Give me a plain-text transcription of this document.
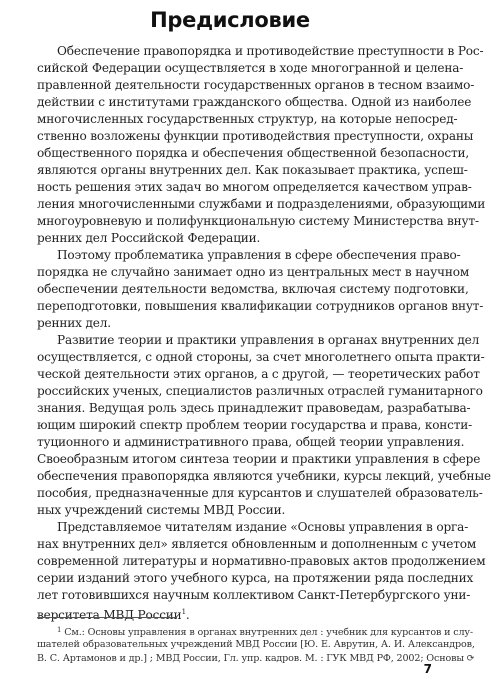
Предисловие
Обеспечение правопорядка и противодействие преступности в Рос-
сийской Федерации осуществляется в ходе многогранной и целена-
правленной деятельности государственных органов в тесном взаимо-
действии с институтами гражданского общества. Одной из наиболее
многочисленных государственных структур, на которые непосред-
ственно возложены функции противодействия преступности, охраны
общественного порядка и обеспечения общественной безопасности,
являются органы внутренних дел. Как показывает практика, успеш-
ность решения этих задач во многом определяется качеством управ-
ления многочисленными службами и подразделениями, образующими
многоуровневую и полифункциональную систему Министерства внут-
ренних дел Российской Федерации.
Поэтому проблематика управления в сфере обеспечения право-
порядка не случайно занимает одно из центральных мест в научном
обеспечении деятельности ведомства, включая систему подготовки,
переподготовки, повышения квалификации сотрудников органов внут-
ренних дел.
Развитие теории и практики управления в органах внутренних дел
осуществляется, с одной стороны, за счет многолетнего опыта практи-
ческой деятельности этих органов, а с другой, — теоретических работ
российских ученых, специалистов различных отраслей гуманитарного
знания. Ведущая роль здесь принадлежит правоведам, разрабатыва-
ющим широкий спектр проблем теории государства и права, консти-
туционного и административного права, общей теории управления.
Своеобразным итогом синтеза теории и практики управления в сфере
обеспечения правопорядка являются учебники, курсы лекций, учебные
пособия, предназначенные для курсантов и слушателей образователь-
ных учреждений системы МВД России.
Представляемое читателям издание «Основы управления в орга-
нах внутренних дел» является обновленным и дополненным с учетом
современной литературы и нормативно-правовых актов продолжением
серии изданий этого учебного курса, на протяжении ряда последних
лет готовившихся научным коллективом Санкт-Петербургского уни-
верситета МВД России$^1$.
$^1$ См.: Основы управления в органах внутренних дел : учебник для курсантов и слу-
шателей образовательных учреждений МВД России [Ю. Е. Аврутин, А. И. Александров,
В. С. Артамонов и др.] ; МВД России, Гл. упр. кадров. М. : ГУК МВД РФ, 2002; Основы ⟳
7
